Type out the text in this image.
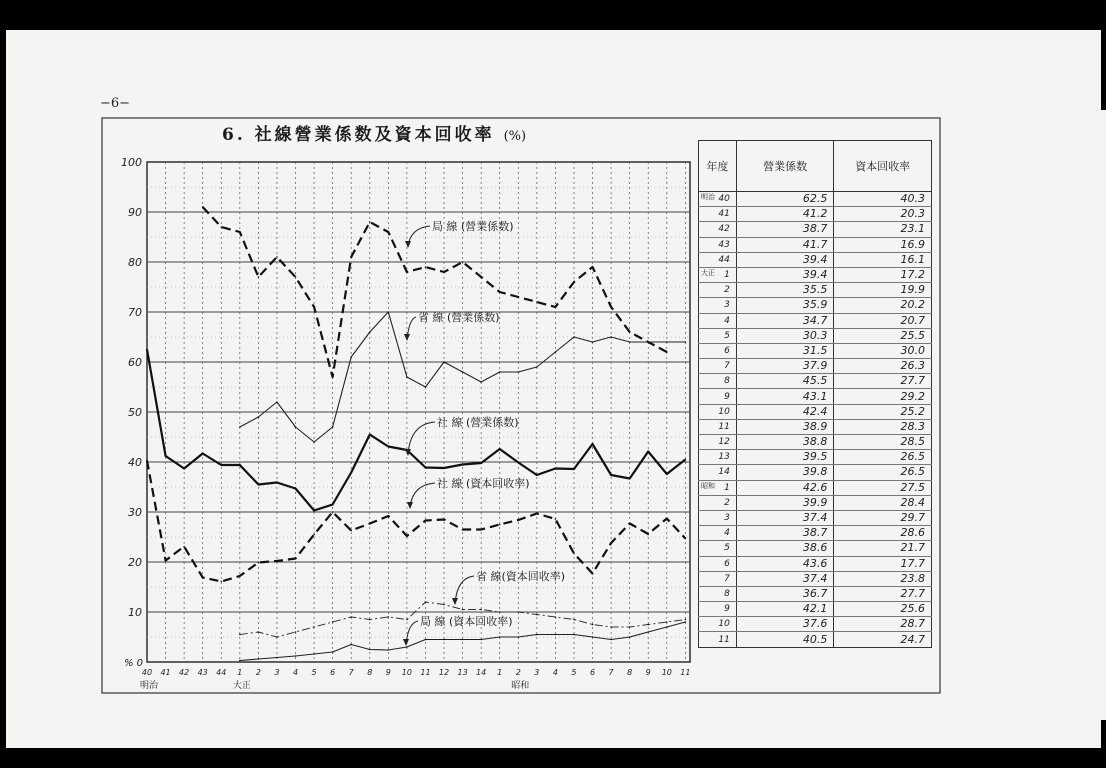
−6−
6. 社線營業係数及資本回收率 (%)
10
20
30
40
50
60
70
80
90
100
% 0
40 41 42 43 44 1 2 3 4 5 6 7 8 9 10 11 12 13 14 1 2 3 4 5 6 7 8 9 10 11
明治	大正	昭和
局 線 (營業係数)
省 線 (營業係数)
社 線 (營業係数)
社 線 (資本回收率)
省 線(資本回收率)
局 線 (資本回收率)
年度	營業係数	資本回收率

明治 40	62.5	40.3
41	41.2	20.3
42	38.7	23.1
43	41.7	16.9
44	39.4	16.1

大正 1	39.4	17.2
2	35.5	19.9
3	35.9	20.2
4	34.7	20.7
5	30.3	25.5
6	31.5	30.0
7	37.9	26.3
8	45.5	27.7
9	43.1	29.2
10	42.4	25.2
11	38.9	28.3
12	38.8	28.5
13	39.5	26.5
14	39.8	26.5

昭和 1	42.6	27.5
2	39.9	28.4
3	37.4	29.7
4	38.7	28.6
5	38.6	21.7
6	43.6	17.7
7	37.4	23.8
8	36.7	27.7
9	42.1	25.6
10	37.6	28.7
11	40.5	24.7
